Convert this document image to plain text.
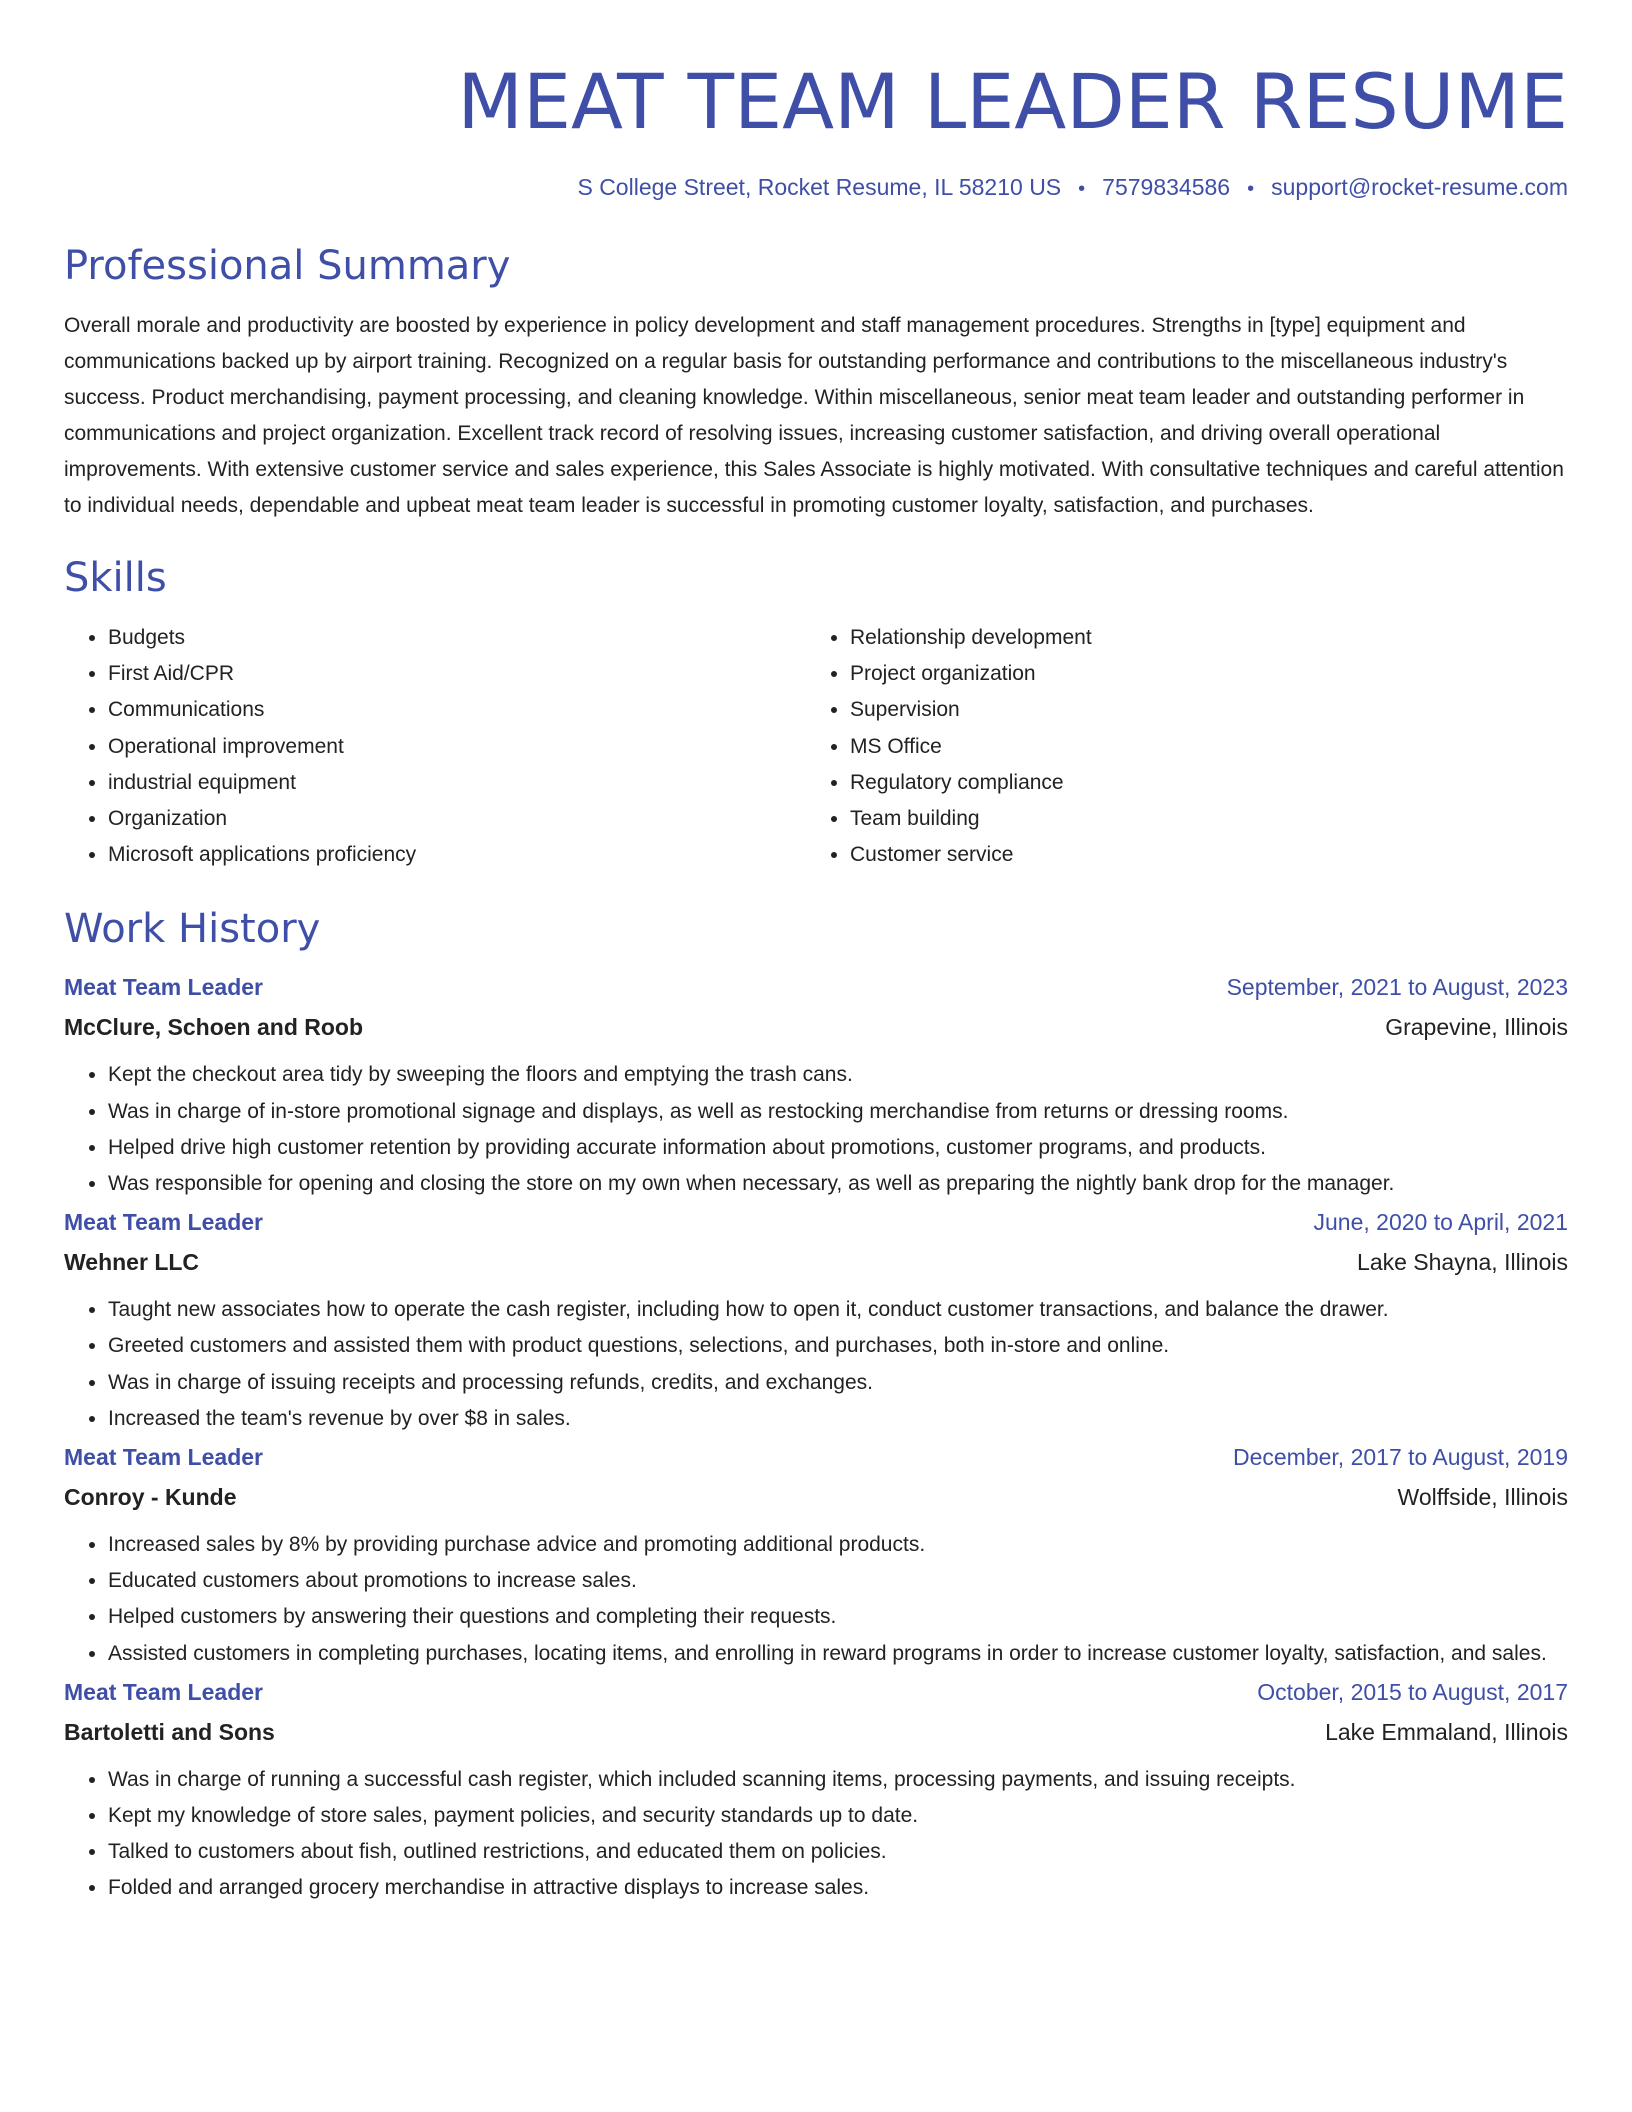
MEAT TEAM LEADER RESUME
S College Street, Rocket Resume, IL 58210 US • 7579834586 • support@rocket-resume.com
Professional Summary

Overall morale and productivity are boosted by experience in policy development and staff management procedures. Strengths in [type] equipment and communications backed up by airport training. Recognized on a regular basis for outstanding performance and contributions to the miscellaneous industry's success. Product merchandising, payment processing, and cleaning knowledge. Within miscellaneous, senior meat team leader and outstanding performer in communications and project organization. Excellent track record of resolving issues, increasing customer satisfaction, and driving overall operational improvements. With extensive customer service and sales experience, this Sales Associate is highly motivated. With consultative techniques and careful attention to individual needs, dependable and upbeat meat team leader is successful in promoting customer loyalty, satisfaction, and purchases.

Skills
• Budgets
• First Aid/CPR
• Communications
• Operational improvement
• industrial equipment
• Organization
• Microsoft applications proficiency
• Relationship development
• Project organization
• Supervision
• MS Office
• Regulatory compliance
• Team building
• Customer service
Work History
Meat Team Leader	September, 2021 to August, 2023
McClure, Schoen and Roob	Grapevine, Illinois
• Kept the checkout area tidy by sweeping the floors and emptying the trash cans.
• Was in charge of in-store promotional signage and displays, as well as restocking merchandise from returns or dressing rooms.
• Helped drive high customer retention by providing accurate information about promotions, customer programs, and products.
• Was responsible for opening and closing the store on my own when necessary, as well as preparing the nightly bank drop for the manager.
Meat Team Leader	June, 2020 to April, 2021
Wehner LLC	Lake Shayna, Illinois
• Taught new associates how to operate the cash register, including how to open it, conduct customer transactions, and balance the drawer.
• Greeted customers and assisted them with product questions, selections, and purchases, both in-store and online.
• Was in charge of issuing receipts and processing refunds, credits, and exchanges.
• Increased the team's revenue by over $8 in sales.
Meat Team Leader	December, 2017 to August, 2019
Conroy - Kunde	Wolffside, Illinois
• Increased sales by 8% by providing purchase advice and promoting additional products.
• Educated customers about promotions to increase sales.
• Helped customers by answering their questions and completing their requests.
• Assisted customers in completing purchases, locating items, and enrolling in reward programs in order to increase customer loyalty, satisfaction, and sales.
Meat Team Leader	October, 2015 to August, 2017
Bartoletti and Sons	Lake Emmaland, Illinois
• Was in charge of running a successful cash register, which included scanning items, processing payments, and issuing receipts.
• Kept my knowledge of store sales, payment policies, and security standards up to date.
• Talked to customers about fish, outlined restrictions, and educated them on policies.
• Folded and arranged grocery merchandise in attractive displays to increase sales.
